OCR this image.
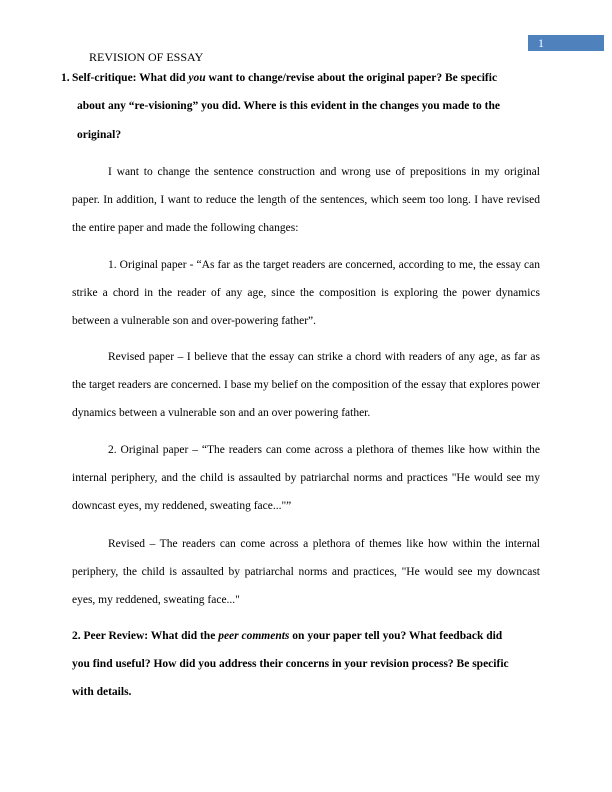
1
REVISION OF ESSAY
1. Self-critique: What did you want to change/revise about the original paper? Be specific
about any “re-visioning” you did. Where is this evident in the changes you made to the
original?

I want to change the sentence construction and wrong use of prepositions in my original paper. In addition, I want to reduce the length of the sentences, which seem too long. I have revised the entire paper and made the following changes:

1. Original paper - “As far as the target readers are concerned, according to me, the essay can strike a chord in the reader of any age, since the composition is exploring the power dynamics between a vulnerable son and over-powering father”.

Revised paper – I believe that the essay can strike a chord with readers of any age, as far as the target readers are concerned. I base my belief on the composition of the essay that explores power dynamics between a vulnerable son and an over powering father.

2. Original paper – “The readers can come across a plethora of themes like how within the internal periphery, and the child is assaulted by patriarchal norms and practices "He would see my downcast eyes, my reddened, sweating face..."”

Revised – The readers can come across a plethora of themes like how within the internal periphery, the child is assaulted by patriarchal norms and practices, "He would see my downcast eyes, my reddened, sweating face..."

2. Peer Review: What did the peer comments on your paper tell you? What feedback did
you find useful? How did you address their concerns in your revision process? Be specific
with details.
